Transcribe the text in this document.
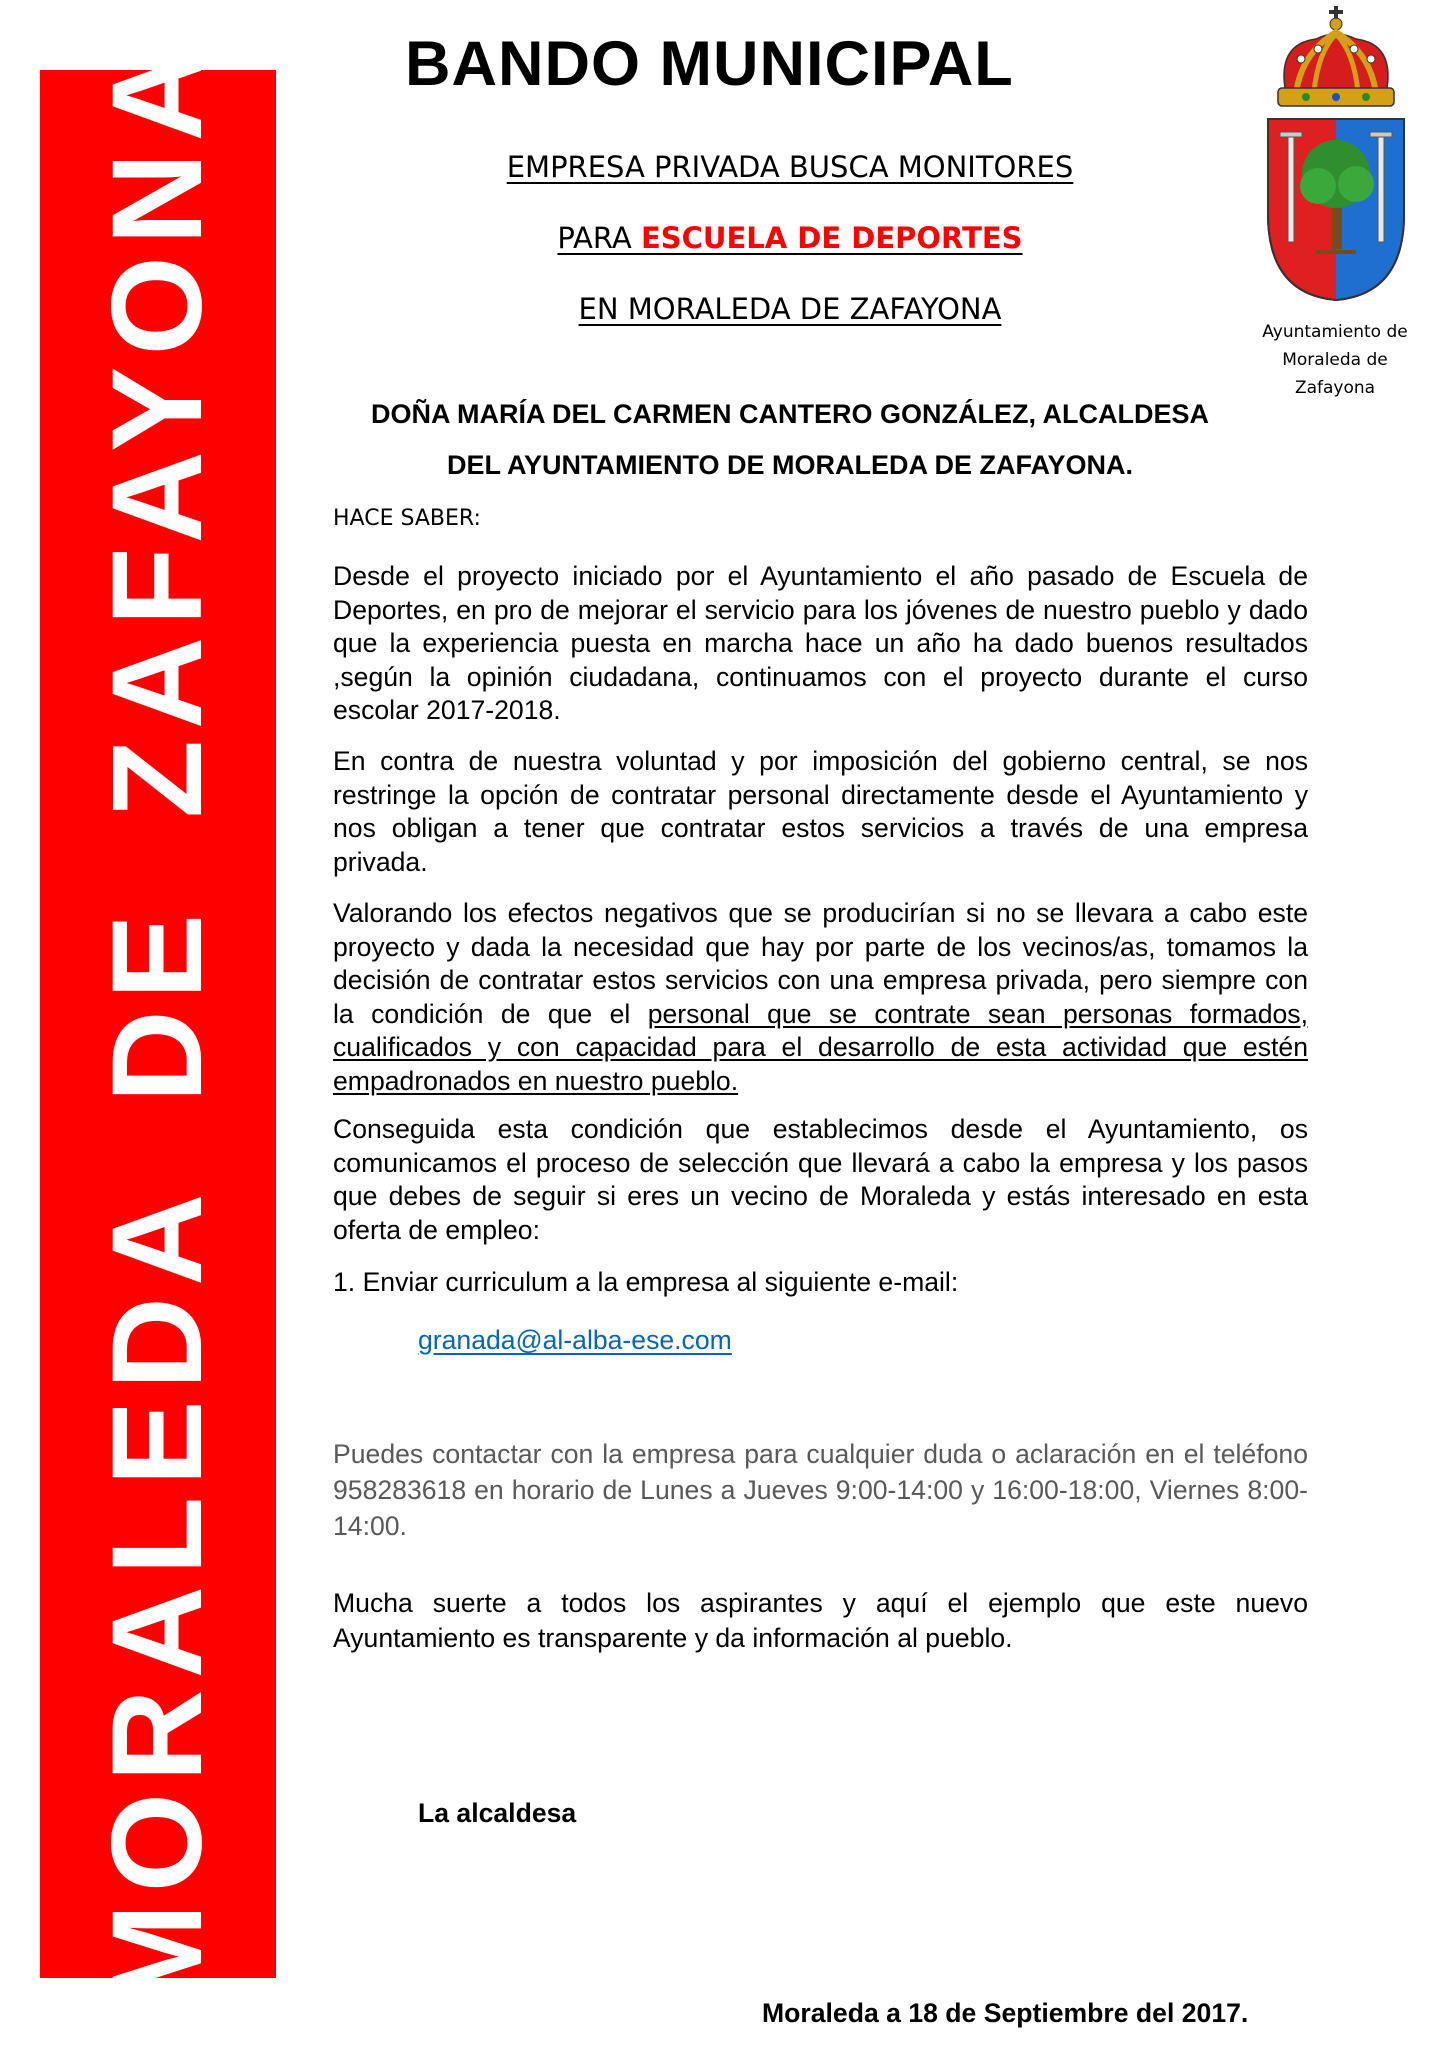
MORALEDA DE ZAFAYONA	BANDO MUNICIPAL
EMPRESA PRIVADA BUSCA MONITORES
PARA ESCUELA DE DEPORTES
EN MORALEDA DE ZAFAYONA
Ayuntamiento de
Moraleda de Zafayona
DOÑA MARÍA DEL CARMEN CANTERO GONZÁLEZ, ALCALDESA
DEL AYUNTAMIENTO DE MORALEDA DE ZAFAYONA.
HACE SABER:
Desde el proyecto iniciado por el Ayuntamiento el año pasado de Escuela de Deportes, en pro de mejorar el servicio para los jóvenes de nuestro pueblo y dado que la experiencia puesta en marcha hace un año ha dado buenos resultados ,según la opinión ciudadana, continuamos con el proyecto durante el curso escolar 2017-2018.
En contra de nuestra voluntad y por imposición del gobierno central, se nos restringe la opción de contratar personal directamente desde el Ayuntamiento y nos obligan a tener que contratar estos servicios a través de una empresa privada.
Valorando los efectos negativos que se producirían si no se llevara a cabo este proyecto y dada la necesidad que hay por parte de los vecinos/as, tomamos la decisión de contratar estos servicios con una empresa privada, pero siempre con la condición de que el personal que se contrate sean personas formados, cualificados y con capacidad para el desarrollo de esta actividad que estén empadronados en nuestro pueblo.
Conseguida esta condición que establecimos desde el Ayuntamiento, os comunicamos el proceso de selección que llevará a cabo la empresa y los pasos que debes de seguir si eres un vecino de Moraleda y estás interesado en esta oferta de empleo:
1. Enviar curriculum a la empresa al siguiente e-mail:
granada@al-alba-ese.com
Puedes contactar con la empresa para cualquier duda o aclaración en el teléfono 958283618 en horario de Lunes a Jueves 9:00-14:00 y 16:00-18:00, Viernes 8:00-14:00.
Mucha suerte a todos los aspirantes y aquí el ejemplo que este nuevo Ayuntamiento es transparente y da información al pueblo.
La alcaldesa
Moraleda a 18 de Septiembre del 2017.
